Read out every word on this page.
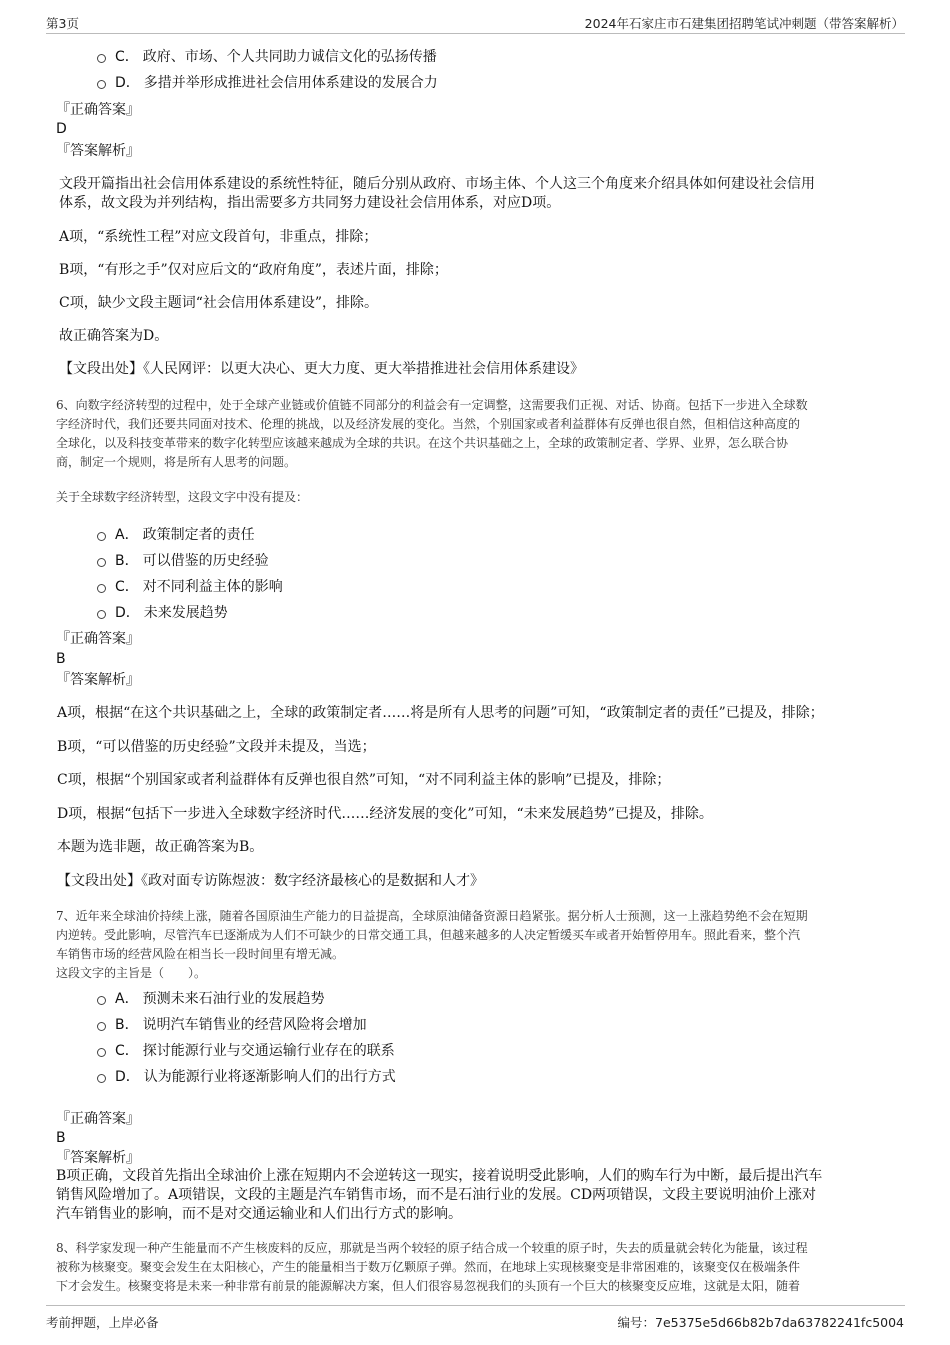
第3页	2024年石家庄市石建集团招聘笔试冲刺题（带答案解析）
C． 政府、市场、个人共同助力诚信文化的弘扬传播
D． 多措并举形成推进社会信用体系建设的发展合力
『正确答案』
D
『答案解析』
文段开篇指出社会信用体系建设的系统性特征，随后分别从政府、市场主体、个人这三个角度来介绍具体如何建设社会信用
体系，故文段为并列结构，指出需要多方共同努力建设社会信用体系，对应D项。
A项，“系统性工程”对应文段首句，非重点，排除；
B项，“有形之手”仅对应后文的“政府角度”，表述片面，排除；
C项，缺少文段主题词“社会信用体系建设”，排除。
故正确答案为D。
【文段出处】《人民网评：以更大决心、更大力度、更大举措推进社会信用体系建设》
6、向数字经济转型的过程中，处于全球产业链或价值链不同部分的利益会有一定调整，这需要我们正视、对话、协商。包括下一步进入全球数
字经济时代，我们还要共同面对技术、伦理的挑战，以及经济发展的变化。当然，个别国家或者利益群体有反弹也很自然，但相信这种高度的
全球化，以及科技变革带来的数字化转型应该越来越成为全球的共识。在这个共识基础之上，全球的政策制定者、学界、业界，怎么联合协
商，制定一个规则，将是所有人思考的问题。
关于全球数字经济转型，这段文字中没有提及：
A． 政策制定者的责任
B． 可以借鉴的历史经验
C． 对不同利益主体的影响
D． 未来发展趋势
『正确答案』
B
『答案解析』
A项，根据“在这个共识基础之上，全球的政策制定者……将是所有人思考的问题”可知，“政策制定者的责任”已提及，排除；
B项，“可以借鉴的历史经验”文段并未提及，当选；
C项，根据“个别国家或者利益群体有反弹也很自然”可知，“对不同利益主体的影响”已提及，排除；
D项，根据“包括下一步进入全球数字经济时代……经济发展的变化”可知，“未来发展趋势”已提及，排除。
本题为选非题，故正确答案为B。
【文段出处】《政对面专访陈煜波：数字经济最核心的是数据和人才》
7、近年来全球油价持续上涨，随着各国原油生产能力的日益提高，全球原油储备资源日趋紧张。据分析人士预测，这一上涨趋势绝不会在短期
内逆转。受此影响，尽管汽车已逐渐成为人们不可缺少的日常交通工具，但越来越多的人决定暂缓买车或者开始暂停用车。照此看来，整个汽
车销售市场的经营风险在相当长一段时间里有增无减。
这段文字的主旨是（　　）。
A． 预测未来石油行业的发展趋势
B． 说明汽车销售业的经营风险将会增加
C． 探讨能源行业与交通运输行业存在的联系
D． 认为能源行业将逐渐影响人们的出行方式
『正确答案』
B
『答案解析』
B项正确，文段首先指出全球油价上涨在短期内不会逆转这一现实，接着说明受此影响，人们的购车行为中断，最后提出汽车
销售风险增加了。A项错误，文段的主题是汽车销售市场，而不是石油行业的发展。CD两项错误，文段主要说明油价上涨对
汽车销售业的影响，而不是对交通运输业和人们出行方式的影响。
8、科学家发现一种产生能量而不产生核废料的反应，那就是当两个较轻的原子结合成一个较重的原子时，失去的质量就会转化为能量，该过程
被称为核聚变。聚变会发生在太阳核心，产生的能量相当于数万亿颗原子弹。然而，在地球上实现核聚变是非常困难的，该聚变仅在极端条件
下才会发生。核聚变将是未来一种非常有前景的能源解决方案，但人们很容易忽视我们的头顶有一个巨大的核聚变反应堆，这就是太阳，随着
考前押题，上岸必备	编号：7e5375e5d66b82b7da63782241fc5004
